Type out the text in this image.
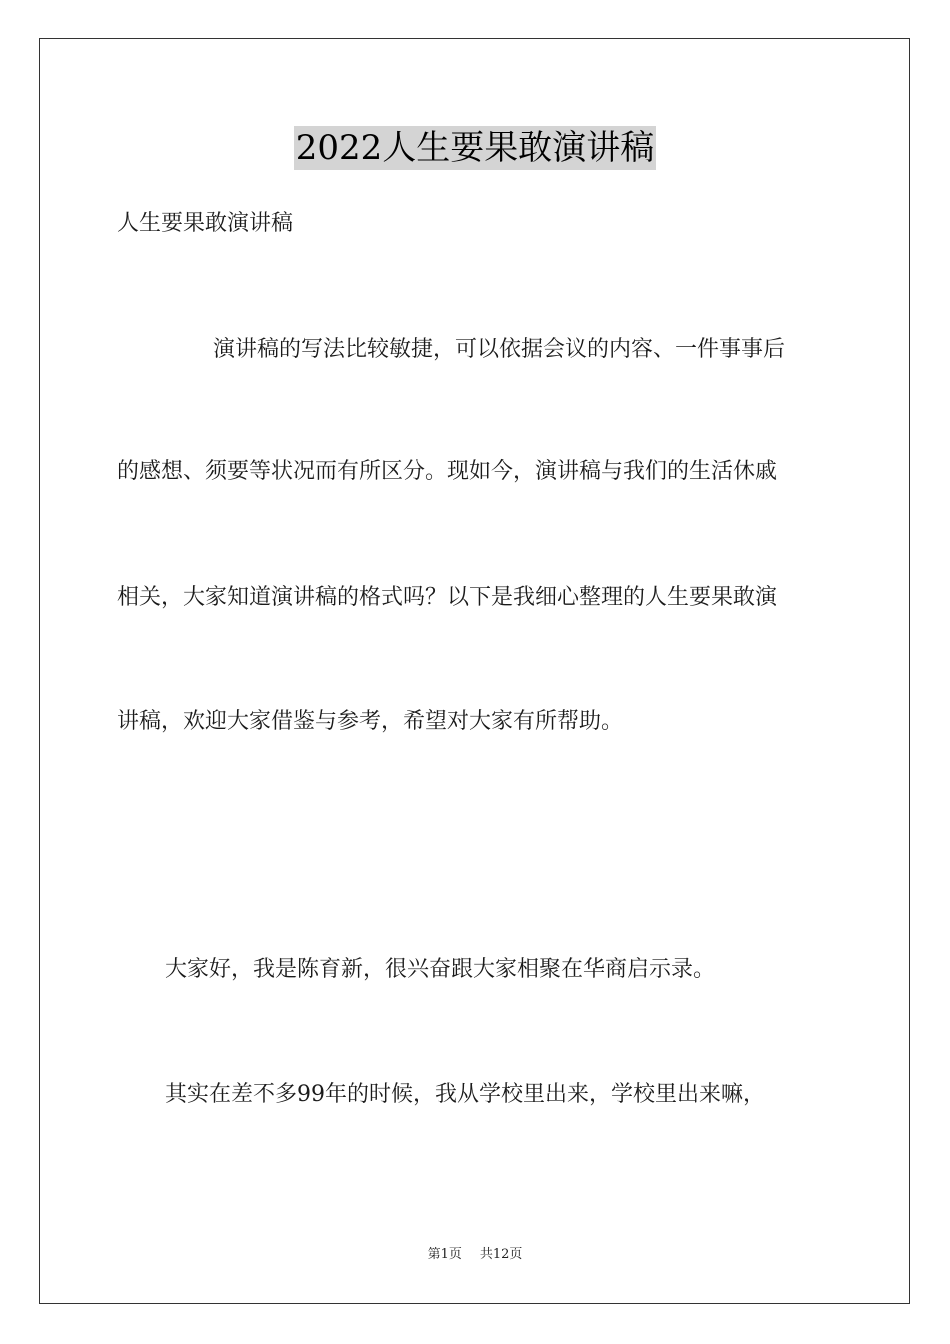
2022人生要果敢演讲稿
人生要果敢演讲稿
演讲稿的写法比较敏捷，可以依据会议的内容、一件事事后
的感想、须要等状况而有所区分。现如今，演讲稿与我们的生活休戚
相关，大家知道演讲稿的格式吗？以下是我细心整理的人生要果敢演
讲稿，欢迎大家借鉴与参考，希望对大家有所帮助。
大家好，我是陈育新，很兴奋跟大家相聚在华商启示录。
其实在差不多99年的时候，我从学校里出来，学校里出来嘛，
第1页 共12页
